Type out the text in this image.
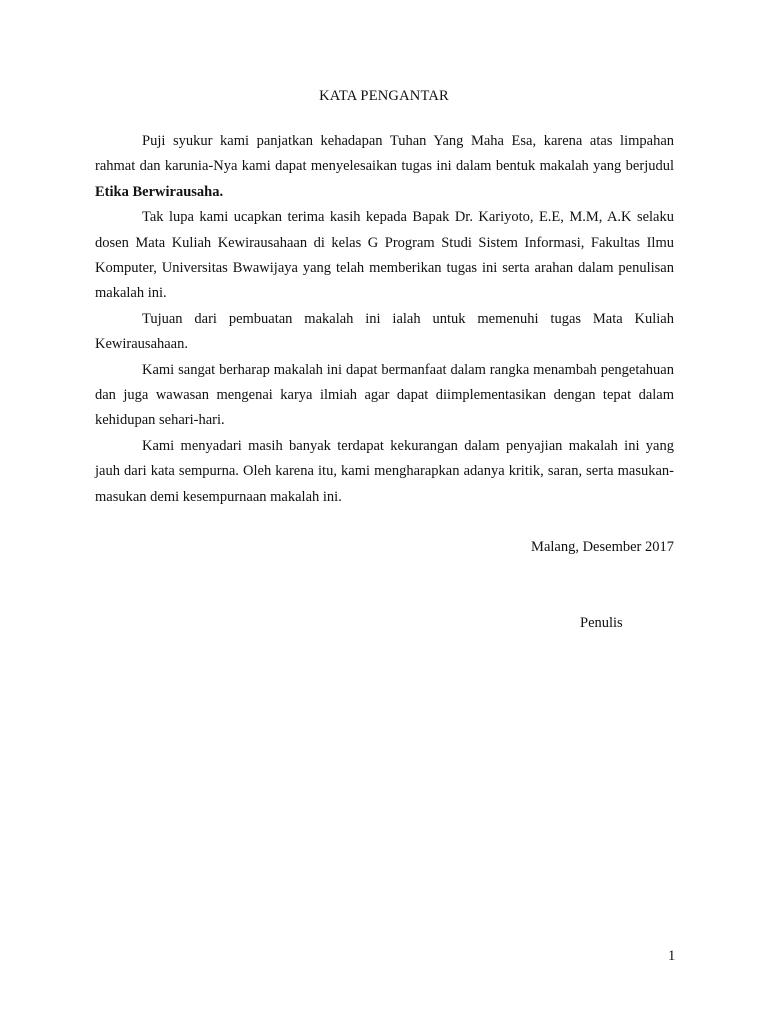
KATA PENGANTAR

Puji syukur kami panjatkan kehadapan Tuhan Yang Maha Esa, karena atas limpahan rahmat dan karunia-Nya kami dapat menyelesaikan tugas ini dalam bentuk makalah yang berjudul Etika Berwirausaha.

Tak lupa kami ucapkan terima kasih kepada Bapak Dr. Kariyoto, E.E, M.M, A.K selaku dosen Mata Kuliah Kewirausahaan di kelas G Program Studi Sistem Informasi, Fakultas Ilmu Komputer, Universitas Bwawijaya yang telah memberikan tugas ini serta arahan dalam penulisan makalah ini.

Tujuan dari pembuatan makalah ini ialah untuk memenuhi tugas Mata Kuliah Kewirausahaan.

Kami sangat berharap makalah ini dapat bermanfaat dalam rangka menambah pengetahuan dan juga wawasan mengenai karya ilmiah agar dapat diimplementasikan dengan tepat dalam kehidupan sehari-hari.

Kami menyadari masih banyak terdapat kekurangan dalam penyajian makalah ini yang jauh dari kata sempurna. Oleh karena itu, kami mengharapkan adanya kritik, saran, serta masukan-masukan demi kesempurnaan makalah ini.

Malang, Desember 2017
Penulis
1
